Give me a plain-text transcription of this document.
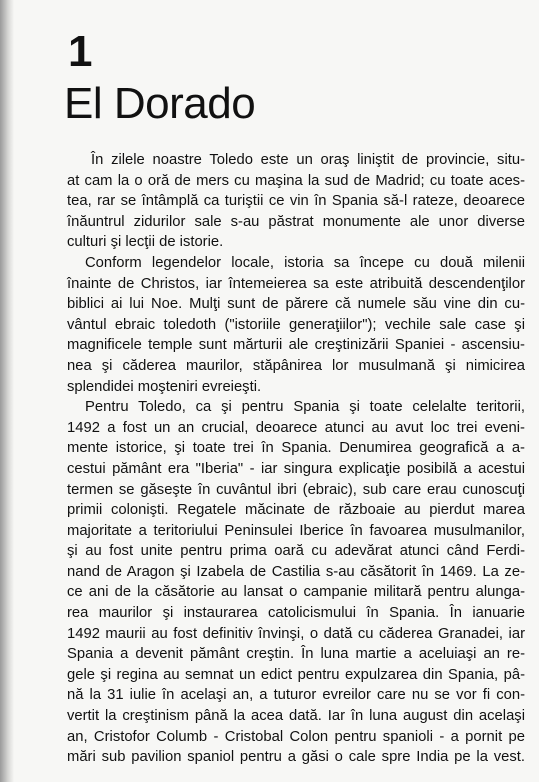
1
El Dorado
În zilele noastre Toledo este un oraş liniştit de provincie, situ-
at cam la o oră de mers cu maşina la sud de Madrid; cu toate aces-
tea, rar se întâmplă ca turiştii ce vin în Spania să-l rateze, deoarece
înăuntrul zidurilor sale s-au păstrat monumente ale unor diverse
culturi şi lecţii de istorie.
Conform legendelor locale, istoria sa începe cu două milenii
înainte de Christos, iar întemeierea sa este atribuită descendenţilor
biblici ai lui Noe. Mulţi sunt de părere că numele său vine din cu-
vântul ebraic toledoth ("istoriile generaţiilor"); vechile sale case şi
magnificele temple sunt mărturii ale creştinizării Spaniei - ascensiu-
nea şi căderea maurilor, stăpânirea lor musulmană şi nimicirea
splendidei moşteniri evreieşti.
Pentru Toledo, ca şi pentru Spania şi toate celelalte teritorii,
1492 a fost un an crucial, deoarece atunci au avut loc trei eveni-
mente istorice, şi toate trei în Spania. Denumirea geografică a a-
cestui pământ era "Iberia" - iar singura explicaţie posibilă a acestui
termen se găseşte în cuvântul ibri (ebraic), sub care erau cunoscuţi
primii colonişti. Regatele măcinate de războaie au pierdut marea
majoritate a teritoriului Peninsulei Iberice în favoarea musulmanilor,
şi au fost unite pentru prima oară cu adevărat atunci când Ferdi-
nand de Aragon şi Izabela de Castilia s-au căsătorit în 1469. La ze-
ce ani de la căsătorie au lansat o campanie militară pentru alunga-
rea maurilor şi instaurarea catolicismului în Spania. În ianuarie
1492 maurii au fost definitiv învinşi, o dată cu căderea Granadei, iar
Spania a devenit pământ creştin. În luna martie a aceluiaşi an re-
gele şi regina au semnat un edict pentru expulzarea din Spania, pâ-
nă la 31 iulie în acelaşi an, a tuturor evreilor care nu se vor fi con-
vertit la creştinism până la acea dată. Iar în luna august din acelaşi
an, Cristofor Columb - Cristobal Colon pentru spanioli - a pornit pe
mări sub pavilion spaniol pentru a găsi o cale spre India pe la vest.
